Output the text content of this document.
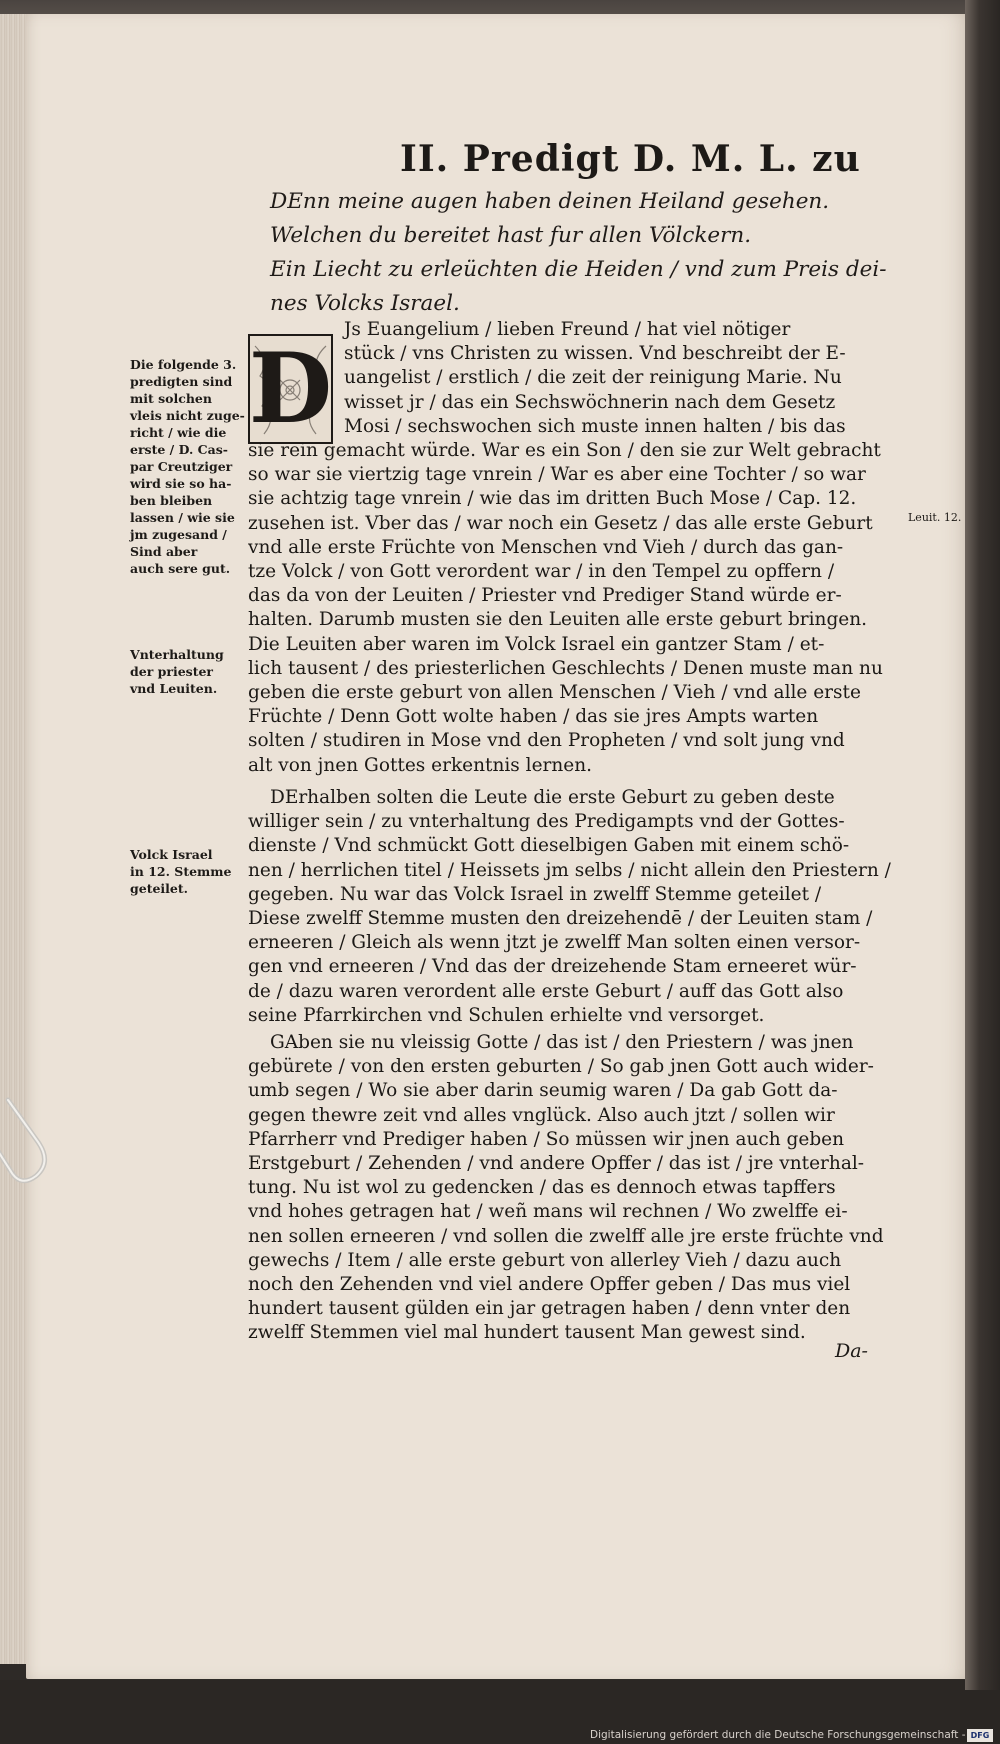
II. Predigt D. M. L. zu
DEnn meine augen haben deinen Heiland gesehen.
Welchen du bereitet hast fur allen Völckern.
Ein Liecht zu erleüchten die Heiden / vnd zum Preis dei-
nes Volcks Israel.
D
Js Euangelium / lieben Freund / hat viel nötiger
stück / vns Christen zu wissen. Vnd beschreibt der E-
uangelist / erstlich / die zeit der reinigung Marie. Nu
wisset jr / das ein Sechswöchnerin nach dem Gesetz
Mosi / sechswochen sich muste innen halten / bis das
sie rein gemacht würde. War es ein Son / den sie zur Welt gebracht
so war sie viertzig tage vnrein / War es aber eine Tochter / so war
sie achtzig tage vnrein / wie das im dritten Buch Mose / Cap. 12.
zusehen ist. Vber das / war noch ein Gesetz / das alle erste Geburt
vnd alle erste Früchte von Menschen vnd Vieh / durch das gan-
tze Volck / von Gott verordent war / in den Tempel zu opffern /
das da von der Leuiten / Priester vnd Prediger Stand würde er-
halten. Darumb musten sie den Leuiten alle erste geburt bringen.
Die Leuiten aber waren im Volck Israel ein gantzer Stam / et-
lich tausent / des priesterlichen Geschlechts / Denen muste man nu
geben die erste geburt von allen Menschen / Vieh / vnd alle erste
Früchte / Denn Gott wolte haben / das sie jres Ampts warten
solten / studiren in Mose vnd den Propheten / vnd solt jung vnd
alt von jnen Gottes erkentnis lernen.
DErhalben solten die Leute die erste Geburt zu geben deste
williger sein / zu vnterhaltung des Predigampts vnd der Gottes-
dienste / Vnd schmückt Gott dieselbigen Gaben mit einem schö-
nen / herrlichen titel / Heissets jm selbs / nicht allein den Priestern /
gegeben. Nu war das Volck Israel in zwelff Stemme geteilet /
Diese zwelff Stemme musten den dreizehendē / der Leuiten stam /
erneeren / Gleich als wenn jtzt je zwelff Man solten einen versor-
gen vnd erneeren / Vnd das der dreizehende Stam erneeret wür-
de / dazu waren verordent alle erste Geburt / auff das Gott also
seine Pfarrkirchen vnd Schulen erhielte vnd versorget.
GAben sie nu vleissig Gotte / das ist / den Priestern / was jnen
gebürete / von den ersten geburten / So gab jnen Gott auch wider-
umb segen / Wo sie aber darin seumig waren / Da gab Gott da-
gegen thewre zeit vnd alles vnglück. Also auch jtzt / sollen wir
Pfarrherr vnd Prediger haben / So müssen wir jnen auch geben
Erstgeburt / Zehenden / vnd andere Opffer / das ist / jre vnterhal-
tung. Nu ist wol zu gedencken / das es dennoch etwas tapffers
vnd hohes getragen hat / weñ mans wil rechnen / Wo zwelffe ei-
nen sollen erneeren / vnd sollen die zwelff alle jre erste früchte vnd
gewechs / Item / alle erste geburt von allerley Vieh / dazu auch
noch den Zehenden vnd viel andere Opffer geben / Das mus viel
hundert tausent gülden ein jar getragen haben / denn vnter den
zwelff Stemmen viel mal hundert tausent Man gewest sind.
Da-
Die folgende 3.
predigten sind
mit solchen
vleis nicht zuge-
richt / wie die
erste / D. Cas-
par Creutziger
wird sie so ha-
ben bleiben
lassen / wie sie
jm zugesand /
Sind aber
auch sere gut.
Vnterhaltung
der priester
vnd Leuiten.
Volck Israel
in 12. Stemme
geteilet.
Leuit. 12.
Digitalisierung gefördert durch die Deutsche Forschungsgemeinschaft - DFG
